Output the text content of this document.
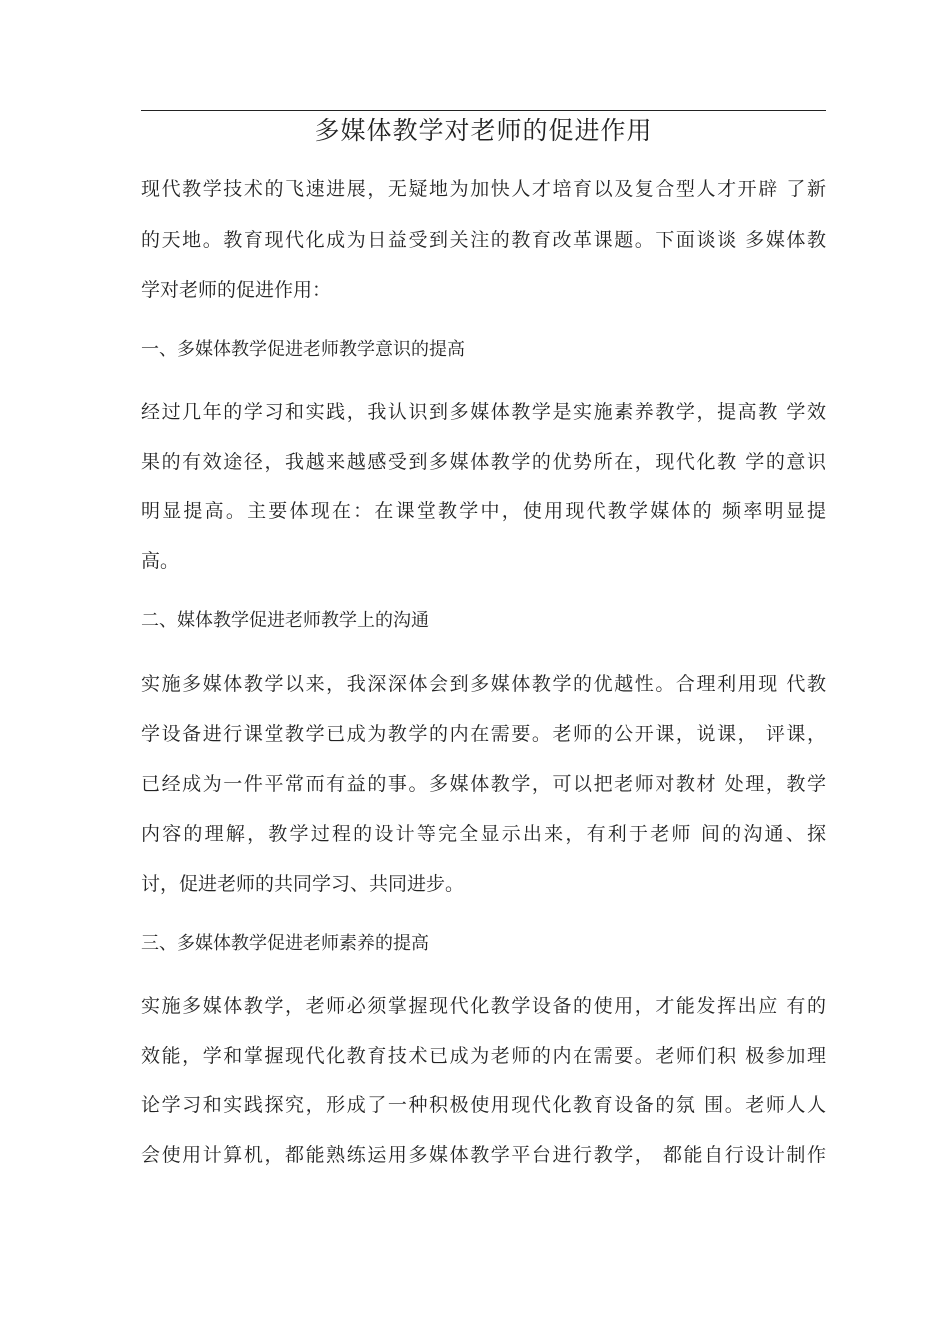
多媒体教学对老师的促进作用
现代教学技术的飞速进展，无疑地为加快人才培育以及复合型人才开辟 了新
的天地。教育现代化成为日益受到关注的教育改革课题。下面谈谈 多媒体教
学对老师的促进作用：
一、多媒体教学促进老师教学意识的提高
经过几年的学习和实践，我认识到多媒体教学是实施素养教学，提高教 学效
果的有效途径，我越来越感受到多媒体教学的优势所在，现代化教 学的意识
明显提高。主要体现在：在课堂教学中，使用现代教学媒体的 频率明显提
高。
二、媒体教学促进老师教学上的沟通
实施多媒体教学以来，我深深体会到多媒体教学的优越性。合理利用现 代教
学设备进行课堂教学已成为教学的内在需要。老师的公开课，说课， 评课，
已经成为一件平常而有益的事。多媒体教学，可以把老师对教材 处理，教学
内容的理解，教学过程的设计等完全显示出来，有利于老师 间的沟通、探
讨，促进老师的共同学习、共同进步。
三、多媒体教学促进老师素养的提高
实施多媒体教学，老师必须掌握现代化教学设备的使用，才能发挥出应 有的
效能，学和掌握现代化教育技术已成为老师的内在需要。老师们积 极参加理
论学习和实践探究，形成了一种积极使用现代化教育设备的氛 围。老师人人
会使用计算机，都能熟练运用多媒体教学平台进行教学， 都能自行设计制作
